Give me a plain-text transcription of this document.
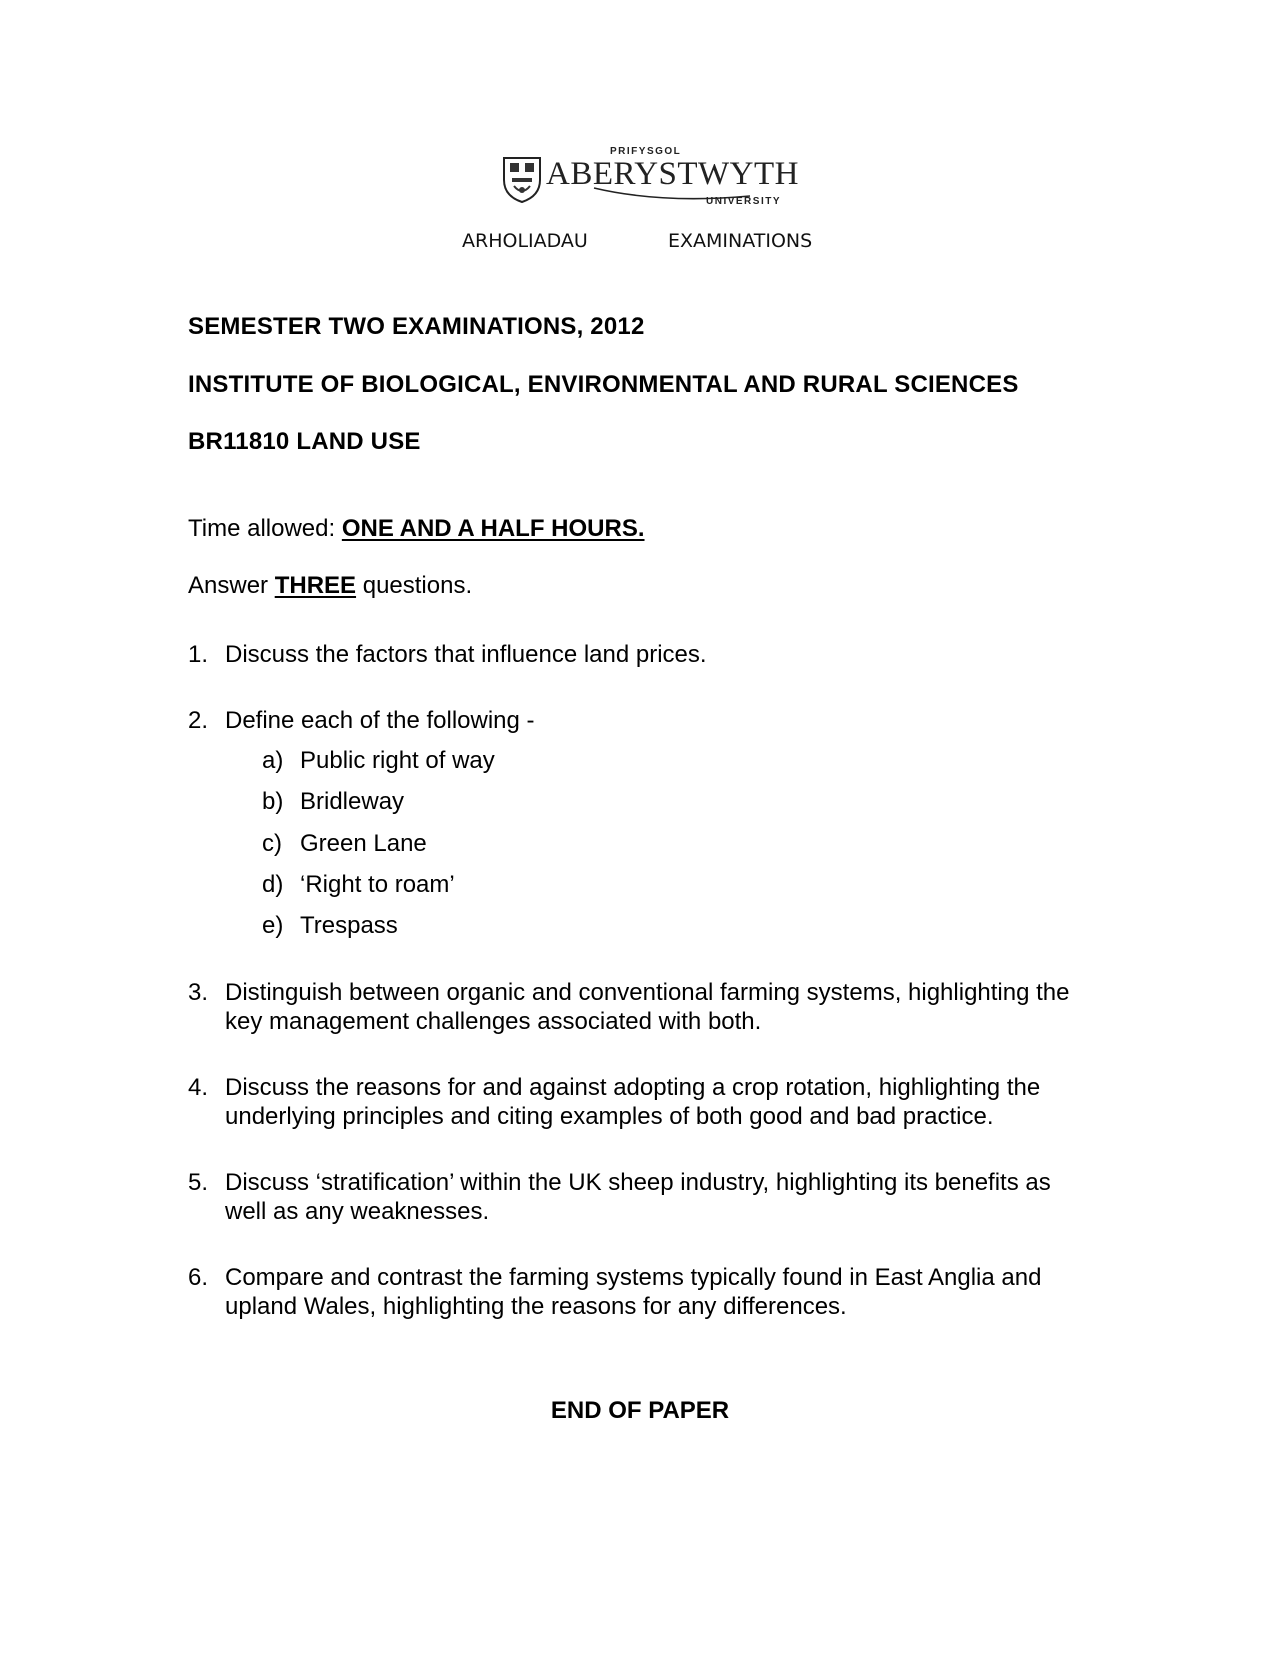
PRIFYSGOL
ABERYSTWYTH
UNIVERSITY
ARHOLIADAU	EXAMINATIONS
SEMESTER TWO EXAMINATIONS, 2012
INSTITUTE OF BIOLOGICAL, ENVIRONMENTAL AND RURAL SCIENCES
BR11810 LAND USE
Time allowed: ONE AND A HALF HOURS.
Answer THREE questions.
1. Discuss the factors that influence land prices.
2. Define each of the following -
a) Public right of way
b) Bridleway
c) Green Lane
d) ‘Right to roam’
e) Trespass
3. Distinguish between organic and conventional farming systems, highlighting the key management challenges associated with both.
4. Discuss the reasons for and against adopting a crop rotation, highlighting the underlying principles and citing examples of both good and bad practice.
5. Discuss ‘stratification’ within the UK sheep industry, highlighting its benefits as well as any weaknesses.
6. Compare and contrast the farming systems typically found in East Anglia and upland Wales, highlighting the reasons for any differences.
END OF PAPER
